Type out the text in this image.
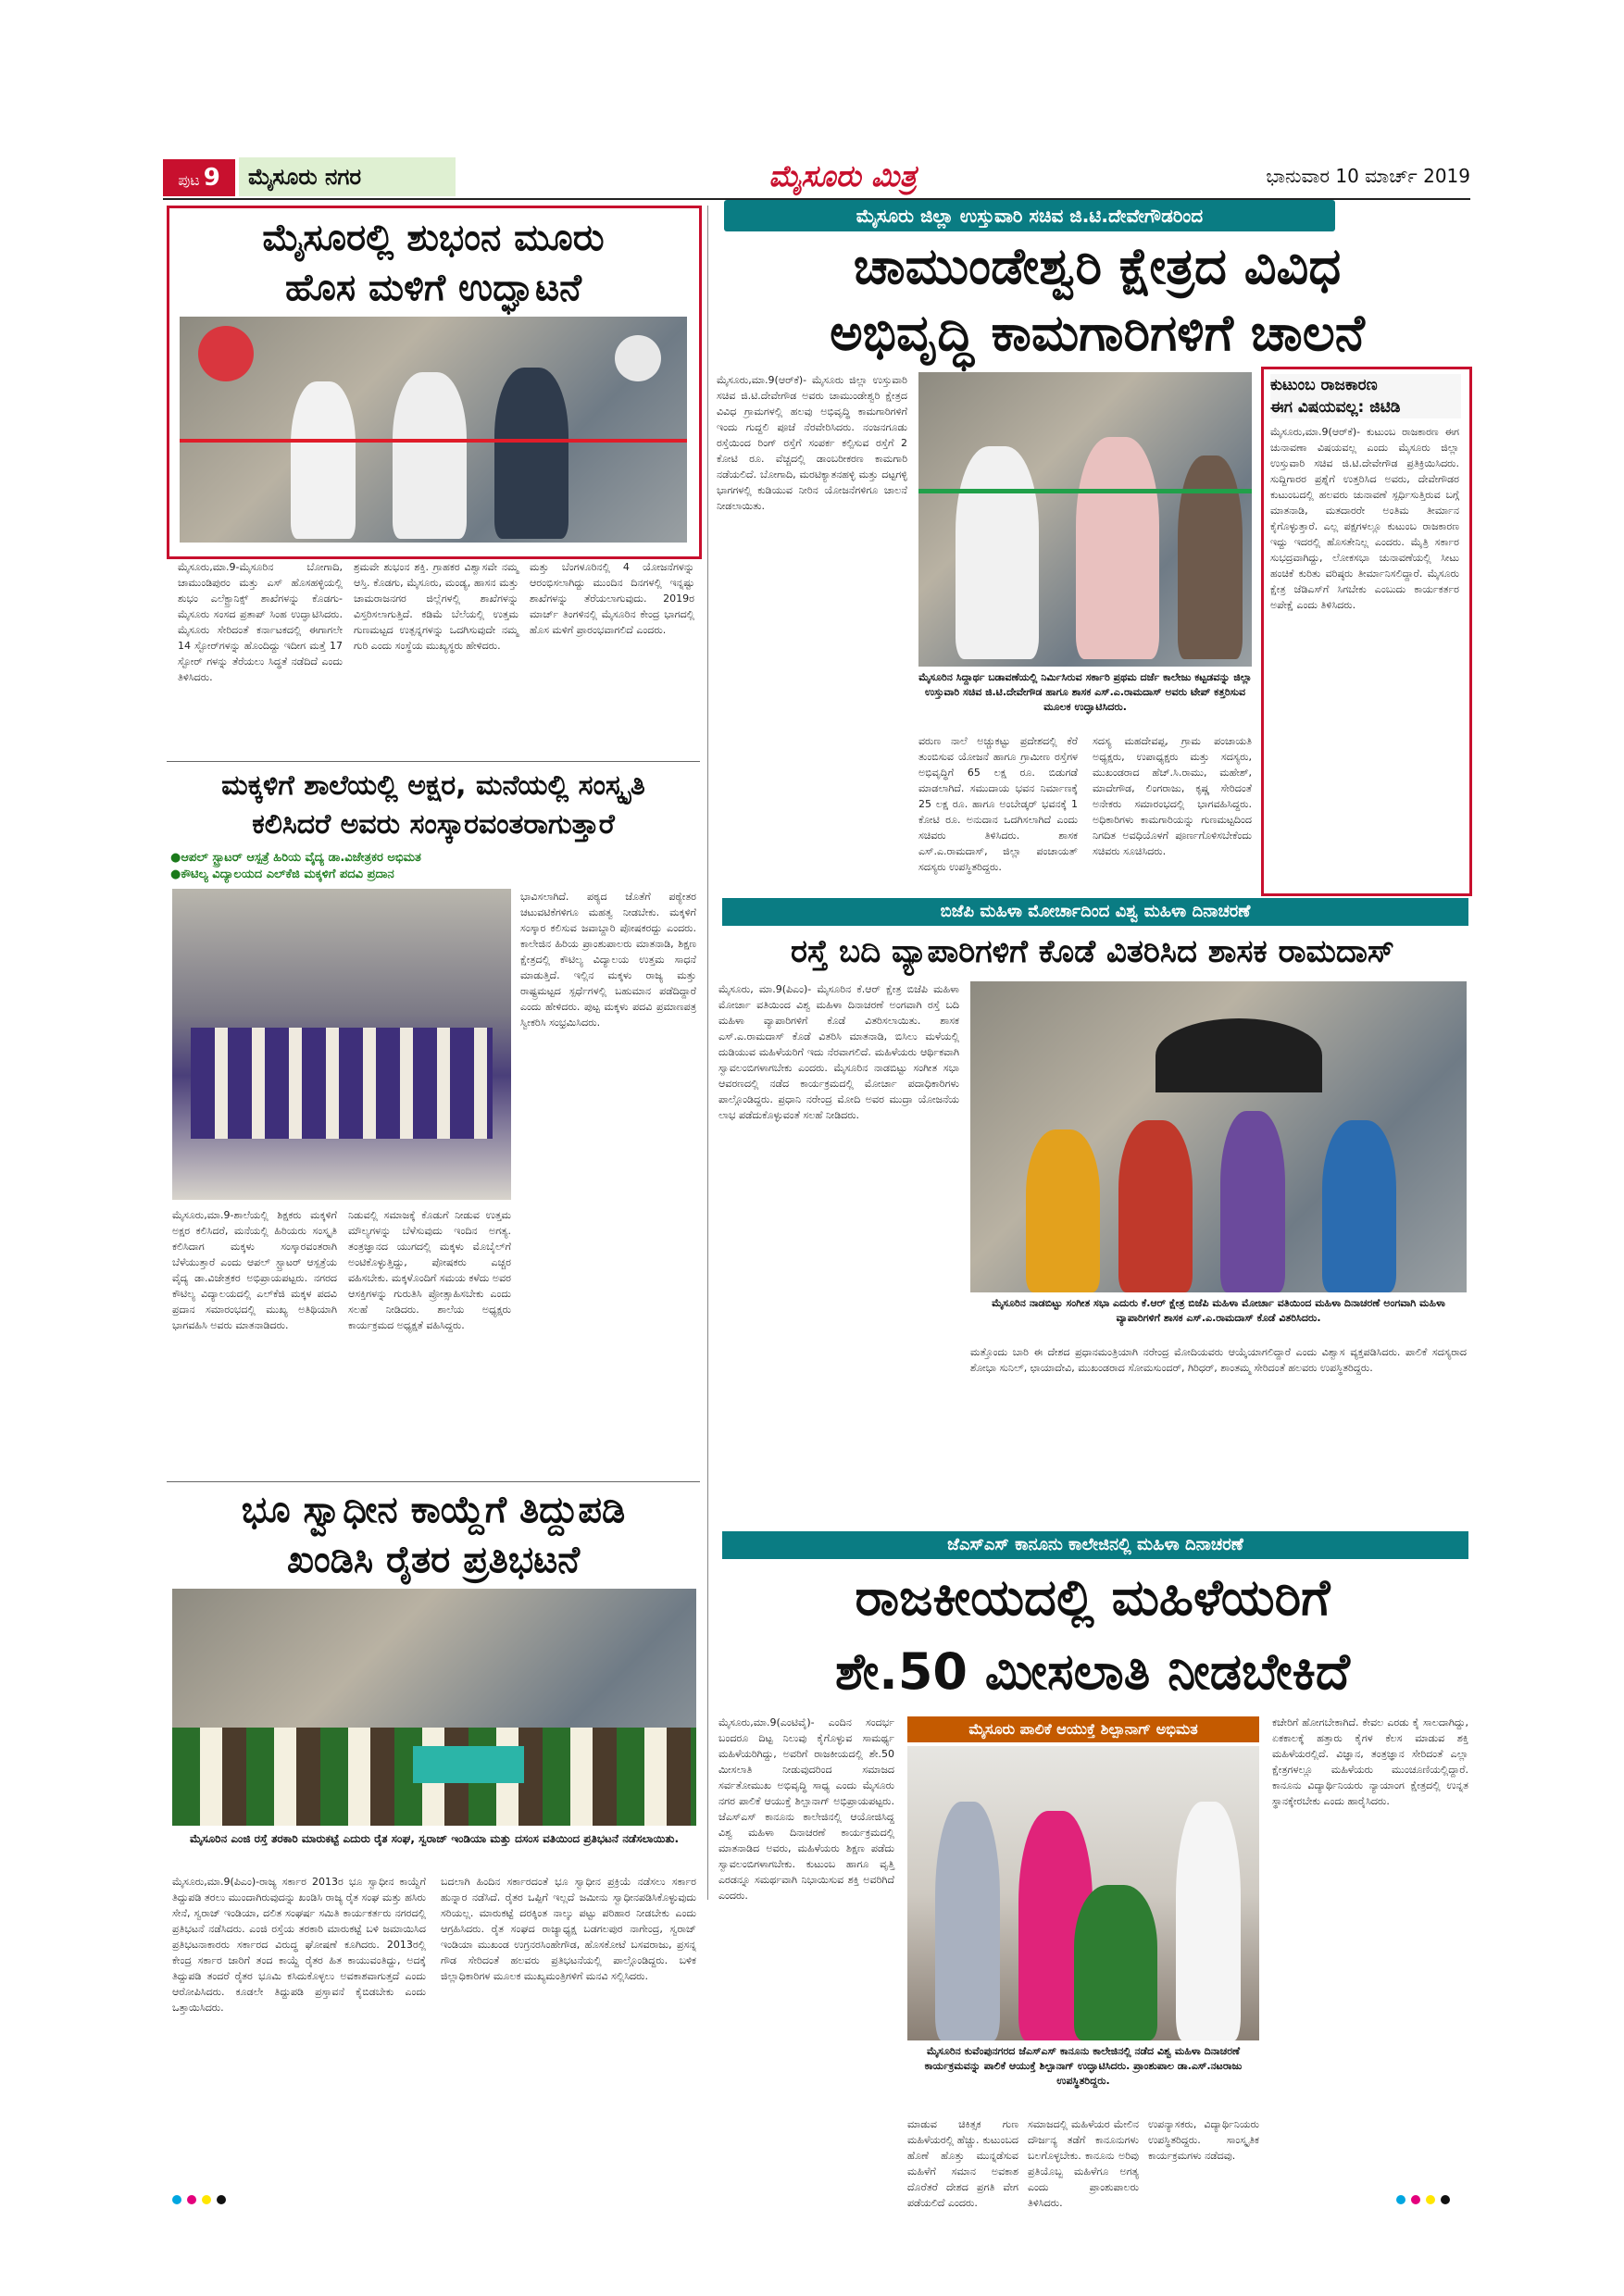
ಪುಟ 9	ಮೈಸೂರು ನಗರ	ಮೈಸೂರು ಮಿತ್ರ	ಭಾನುವಾರ 10 ಮಾರ್ಚ್ 2019
ಮೈಸೂರಲ್ಲಿ ಶುಭಂನ ಮೂರು
ಹೊಸ ಮಳಿಗೆ ಉದ್ಘಾಟನೆ
ಮೈಸೂರು,ಮಾ.9-ಮೈಸೂರಿನ ಬೋಗಾದಿ, ಚಾಮುಂಡಿಪುರಂ ಮತ್ತು ಎಸ್ ಹೊಸಹಳ್ಳಿಯಲ್ಲಿ ಶುಭಂ ಎಲೆಕ್ಟ್ರಾನಿಕ್ಸ್ ಶಾಖೆಗಳನ್ನು ಕೊಡಗು-ಮೈಸೂರು ಸಂಸದ ಪ್ರತಾಪ್ ಸಿಂಹ ಉದ್ಘಾಟಿಸಿದರು. ಮೈಸೂರು ಸೇರಿದಂತೆ ಕರ್ನಾಟಕದಲ್ಲಿ ಈಗಾಗಲೇ 14 ಸ್ಟೋರ್‌ಗಳನ್ನು ಹೊಂದಿದ್ದು ಇದೀಗ ಮತ್ತೆ 17 ಸ್ಟೋರ್ ಗಳನ್ನು ತೆರೆಯಲು ಸಿದ್ಧತೆ ನಡೆದಿದೆ ಎಂದು ತಿಳಿಸಿದರು.
ಶ್ರಮವೇ ಶುಭಂನ ಶಕ್ತಿ. ಗ್ರಾಹಕರ ವಿಶ್ವಾಸವೇ ನಮ್ಮ ಆಸ್ತಿ. ಕೊಡಗು, ಮೈಸೂರು, ಮಂಡ್ಯ, ಹಾಸನ ಮತ್ತು ಚಾಮರಾಜನಗರ ಜಿಲ್ಲೆಗಳಲ್ಲಿ ಶಾಖೆಗಳನ್ನು ವಿಸ್ತರಿಸಲಾಗುತ್ತಿದೆ. ಕಡಿಮೆ ಬೆಲೆಯಲ್ಲಿ ಉತ್ತಮ ಗುಣಮಟ್ಟದ ಉತ್ಪನ್ನಗಳನ್ನು ಒದಗಿಸುವುದೇ ನಮ್ಮ ಗುರಿ ಎಂದು ಸಂಸ್ಥೆಯ ಮುಖ್ಯಸ್ಥರು ಹೇಳಿದರು.
ಮತ್ತು ಬೆಂಗಳೂರಿನಲ್ಲಿ 4 ಯೋಜನೆಗಳನ್ನು ಆರಂಭಿಸಲಾಗಿದ್ದು ಮುಂದಿನ ದಿನಗಳಲ್ಲಿ ಇನ್ನಷ್ಟು ಶಾಖೆಗಳನ್ನು ತೆರೆಯಲಾಗುವುದು. 2019ರ ಮಾರ್ಚ್ ತಿಂಗಳಿನಲ್ಲಿ ಮೈಸೂರಿನ ಕೇಂದ್ರ ಭಾಗದಲ್ಲಿ ಹೊಸ ಮಳಿಗೆ ಪ್ರಾರಂಭವಾಗಲಿದೆ ಎಂದರು.
ಮೈಸೂರು ಜಿಲ್ಲಾ ಉಸ್ತುವಾರಿ ಸಚಿವ ಜಿ.ಟಿ.ದೇವೇಗೌಡರಿಂದ
ಚಾಮುಂಡೇಶ್ವರಿ ಕ್ಷೇತ್ರದ ವಿವಿಧ
ಅಭಿವೃದ್ಧಿ ಕಾಮಗಾರಿಗಳಿಗೆ ಚಾಲನೆ
ಮೈಸೂರು,ಮಾ.9(ಆರ್‌ಕೆ)- ಮೈಸೂರು ಜಿಲ್ಲಾ ಉಸ್ತುವಾರಿ ಸಚಿವ ಜಿ.ಟಿ.ದೇವೇಗೌಡ ಅವರು ಚಾಮುಂಡೇಶ್ವರಿ ಕ್ಷೇತ್ರದ ವಿವಿಧ ಗ್ರಾಮಗಳಲ್ಲಿ ಹಲವು ಅಭಿವೃದ್ಧಿ ಕಾಮಗಾರಿಗಳಿಗೆ ಇಂದು ಗುದ್ದಲಿ ಪೂಜೆ ನೆರವೇರಿಸಿದರು. ನಂಜನಗೂಡು ರಸ್ತೆಯಿಂದ ರಿಂಗ್ ರಸ್ತೆಗೆ ಸಂಪರ್ಕ ಕಲ್ಪಿಸುವ ರಸ್ತೆಗೆ 2 ಕೋಟಿ ರೂ. ವೆಚ್ಚದಲ್ಲಿ ಡಾಂಬರೀಕರಣ ಕಾಮಗಾರಿ ನಡೆಯಲಿದೆ. ಬೋಗಾದಿ, ಮರಟಿಕ್ಯಾತನಹಳ್ಳಿ ಮತ್ತು ದಟ್ಟಗಳ್ಳಿ ಭಾಗಗಳಲ್ಲಿ ಕುಡಿಯುವ ನೀರಿನ ಯೋಜನೆಗಳಿಗೂ ಚಾಲನೆ ನೀಡಲಾಯಿತು.
ಮೈಸೂರಿನ ಸಿದ್ದಾರ್ಥ ಬಡಾವಣೆಯಲ್ಲಿ ನಿರ್ಮಿಸಿರುವ ಸರ್ಕಾರಿ ಪ್ರಥಮ ದರ್ಜೆ ಕಾಲೇಜು ಕಟ್ಟಡವನ್ನು ಜಿಲ್ಲಾ ಉಸ್ತುವಾರಿ ಸಚಿವ ಜಿ.ಟಿ.ದೇವೇಗೌಡ ಹಾಗೂ ಶಾಸಕ ಎಸ್.ಎ.ರಾಮದಾಸ್ ಅವರು ಟೇಪ್ ಕತ್ತರಿಸುವ ಮೂಲಕ ಉದ್ಘಾಟಿಸಿದರು.
ವರುಣ ನಾಲೆ ಅಚ್ಚುಕಟ್ಟು ಪ್ರದೇಶದಲ್ಲಿ ಕೆರೆ ತುಂಬಿಸುವ ಯೋಜನೆ ಹಾಗೂ ಗ್ರಾಮೀಣ ರಸ್ತೆಗಳ ಅಭಿವೃದ್ಧಿಗೆ 65 ಲಕ್ಷ ರೂ. ಬಿಡುಗಡೆ ಮಾಡಲಾಗಿದೆ. ಸಮುದಾಯ ಭವನ ನಿರ್ಮಾಣಕ್ಕೆ 25 ಲಕ್ಷ ರೂ. ಹಾಗೂ ಅಂಬೇಡ್ಕರ್ ಭವನಕ್ಕೆ 1 ಕೋಟಿ ರೂ. ಅನುದಾನ ಒದಗಿಸಲಾಗಿದೆ ಎಂದು ಸಚಿವರು ತಿಳಿಸಿದರು. ಶಾಸಕ ಎಸ್.ಎ.ರಾಮದಾಸ್, ಜಿಲ್ಲಾ ಪಂಚಾಯತ್ ಸದಸ್ಯರು ಉಪಸ್ಥಿತರಿದ್ದರು.
ಸದಸ್ಯ ಮಹದೇವಪ್ಪ, ಗ್ರಾಮ ಪಂಚಾಯತಿ ಅಧ್ಯಕ್ಷರು, ಉಪಾಧ್ಯಕ್ಷರು ಮತ್ತು ಸದಸ್ಯರು, ಮುಖಂಡರಾದ ಹೆಚ್.ಸಿ.ರಾಮು, ಮಹೇಶ್, ಮಾದೇಗೌಡ, ಲಿಂಗರಾಜು, ಕೃಷ್ಣ ಸೇರಿದಂತೆ ಅನೇಕರು ಸಮಾರಂಭದಲ್ಲಿ ಭಾಗವಹಿಸಿದ್ದರು. ಅಧಿಕಾರಿಗಳು ಕಾಮಗಾರಿಯನ್ನು ಗುಣಮಟ್ಟದಿಂದ ನಿಗದಿತ ಅವಧಿಯೊಳಗೆ ಪೂರ್ಣಗೊಳಿಸಬೇಕೆಂದು ಸಚಿವರು ಸೂಚಿಸಿದರು.
ಕುಟುಂಬ ರಾಜಕಾರಣ
ಈಗ ವಿಷಯವಲ್ಲ: ಜಿಟಿಡಿ
ಮೈಸೂರು,ಮಾ.9(ಆರ್‌ಕೆ)- ಕುಟುಂಬ ರಾಜಕಾರಣ ಈಗ ಚುನಾವಣಾ ವಿಷಯವಲ್ಲ ಎಂದು ಮೈಸೂರು ಜಿಲ್ಲಾ ಉಸ್ತುವಾರಿ ಸಚಿವ ಜಿ.ಟಿ.ದೇವೇಗೌಡ ಪ್ರತಿಕ್ರಿಯಿಸಿದರು. ಸುದ್ದಿಗಾರರ ಪ್ರಶ್ನೆಗೆ ಉತ್ತರಿಸಿದ ಅವರು, ದೇವೇಗೌಡರ ಕುಟುಂಬದಲ್ಲಿ ಹಲವರು ಚುನಾವಣೆ ಸ್ಪರ್ಧಿಸುತ್ತಿರುವ ಬಗ್ಗೆ ಮಾತನಾಡಿ, ಮತದಾರರೇ ಅಂತಿಮ ತೀರ್ಮಾನ ಕೈಗೊಳ್ಳುತ್ತಾರೆ. ಎಲ್ಲ ಪಕ್ಷಗಳಲ್ಲೂ ಕುಟುಂಬ ರಾಜಕಾರಣ ಇದ್ದು ಇದರಲ್ಲಿ ಹೊಸತೇನಿಲ್ಲ ಎಂದರು. ಮೈತ್ರಿ ಸರ್ಕಾರ ಸುಭದ್ರವಾಗಿದ್ದು, ಲೋಕಸಭಾ ಚುನಾವಣೆಯಲ್ಲಿ ಸೀಟು ಹಂಚಿಕೆ ಕುರಿತು ವರಿಷ್ಠರು ತೀರ್ಮಾನಿಸಲಿದ್ದಾರೆ. ಮೈಸೂರು ಕ್ಷೇತ್ರ ಜೆಡಿಎಸ್‌ಗೆ ಸಿಗಬೇಕು ಎಂಬುದು ಕಾರ್ಯಕರ್ತರ ಅಪೇಕ್ಷೆ ಎಂದು ತಿಳಿಸಿದರು.
ಮಕ್ಕಳಿಗೆ ಶಾಲೆಯಲ್ಲಿ ಅಕ್ಷರ, ಮನೆಯಲ್ಲಿ ಸಂಸ್ಕೃತಿ
ಕಲಿಸಿದರೆ ಅವರು ಸಂಸ್ಕಾರವಂತರಾಗುತ್ತಾರೆ
●ಆಪಲ್ ಸ್ಟ್ರಾಟರ್ ಆಸ್ಪತ್ರೆ ಹಿರಿಯ ವೈದ್ಯ ಡಾ.ವಿಜೇತ್ರಕರ ಅಭಿಮತ
●ಕೌಟಿಲ್ಯ ವಿದ್ಯಾಲಯದ ಎಲ್‌ಕೆಜಿ ಮಕ್ಕಳಿಗೆ ಪದವಿ ಪ್ರದಾನ
ಭಾವಿಸಲಾಗಿದೆ. ಪಠ್ಯದ ಜೊತೆಗೆ ಪಠ್ಯೇತರ ಚಟುವಟಿಕೆಗಳಿಗೂ ಮಹತ್ವ ನೀಡಬೇಕು. ಮಕ್ಕಳಿಗೆ ಸಂಸ್ಕಾರ ಕಲಿಸುವ ಜವಾಬ್ದಾರಿ ಪೋಷಕರದ್ದು ಎಂದರು. ಕಾಲೇಜಿನ ಹಿರಿಯ ಪ್ರಾಂಶುಪಾಲರು ಮಾತನಾಡಿ, ಶಿಕ್ಷಣ ಕ್ಷೇತ್ರದಲ್ಲಿ ಕೌಟಿಲ್ಯ ವಿದ್ಯಾಲಯ ಉತ್ತಮ ಸಾಧನೆ ಮಾಡುತ್ತಿದೆ. ಇಲ್ಲಿನ ಮಕ್ಕಳು ರಾಜ್ಯ ಮತ್ತು ರಾಷ್ಟ್ರಮಟ್ಟದ ಸ್ಪರ್ಧೆಗಳಲ್ಲಿ ಬಹುಮಾನ ಪಡೆದಿದ್ದಾರೆ ಎಂದು ಹೇಳಿದರು. ಪುಟ್ಟ ಮಕ್ಕಳು ಪದವಿ ಪ್ರಮಾಣಪತ್ರ ಸ್ವೀಕರಿಸಿ ಸಂಭ್ರಮಿಸಿದರು.
ಮೈಸೂರು,ಮಾ.9-ಶಾಲೆಯಲ್ಲಿ ಶಿಕ್ಷಕರು ಮಕ್ಕಳಿಗೆ ಅಕ್ಷರ ಕಲಿಸಿದರೆ, ಮನೆಯಲ್ಲಿ ಹಿರಿಯರು ಸಂಸ್ಕೃತಿ ಕಲಿಸಿದಾಗ ಮಕ್ಕಳು ಸಂಸ್ಕಾರವಂತರಾಗಿ ಬೆಳೆಯುತ್ತಾರೆ ಎಂದು ಆಪಲ್ ಸ್ಟ್ರಾಟರ್ ಆಸ್ಪತ್ರೆಯ ವೈದ್ಯ ಡಾ.ವಿಜೇತ್ರಕರ ಅಭಿಪ್ರಾಯಪಟ್ಟರು. ನಗರದ ಕೌಟಿಲ್ಯ ವಿದ್ಯಾಲಯದಲ್ಲಿ ಎಲ್‌ಕೆಜಿ ಮಕ್ಕಳ ಪದವಿ ಪ್ರದಾನ ಸಮಾರಂಭದಲ್ಲಿ ಮುಖ್ಯ ಅತಿಥಿಯಾಗಿ ಭಾಗವಹಿಸಿ ಅವರು ಮಾತನಾಡಿದರು.
ನಿಡುವಲ್ಲಿ ಸಮಾಜಕ್ಕೆ ಕೊಡುಗೆ ನೀಡುವ ಉತ್ತಮ ಮೌಲ್ಯಗಳನ್ನು ಬೆಳೆಸುವುದು ಇಂದಿನ ಅಗತ್ಯ. ತಂತ್ರಜ್ಞಾನದ ಯುಗದಲ್ಲಿ ಮಕ್ಕಳು ಮೊಬೈಲ್‌ಗೆ ಅಂಟಿಕೊಳ್ಳುತ್ತಿದ್ದು, ಪೋಷಕರು ಎಚ್ಚರ ವಹಿಸಬೇಕು. ಮಕ್ಕಳೊಂದಿಗೆ ಸಮಯ ಕಳೆದು ಅವರ ಆಸಕ್ತಿಗಳನ್ನು ಗುರುತಿಸಿ ಪ್ರೋತ್ಸಾಹಿಸಬೇಕು ಎಂದು ಸಲಹೆ ನೀಡಿದರು. ಶಾಲೆಯ ಅಧ್ಯಕ್ಷರು ಕಾರ್ಯಕ್ರಮದ ಅಧ್ಯಕ್ಷತೆ ವಹಿಸಿದ್ದರು.
ಬಿಜೆಪಿ ಮಹಿಳಾ ಮೋರ್ಚಾದಿಂದ ವಿಶ್ವ ಮಹಿಳಾ ದಿನಾಚರಣೆ
ರಸ್ತೆ ಬದಿ ವ್ಯಾಪಾರಿಗಳಿಗೆ ಕೊಡೆ ವಿತರಿಸಿದ ಶಾಸಕ ರಾಮದಾಸ್
ಮೈಸೂರು, ಮಾ.9(ಪಿಎಂ)- ಮೈಸೂರಿನ ಕೆ.ಆರ್ ಕ್ಷೇತ್ರ ಬಿಜೆಪಿ ಮಹಿಳಾ ಮೋರ್ಚಾ ವತಿಯಿಂದ ವಿಶ್ವ ಮಹಿಳಾ ದಿನಾಚರಣೆ ಅಂಗವಾಗಿ ರಸ್ತೆ ಬದಿ ಮಹಿಳಾ ವ್ಯಾಪಾರಿಗಳಿಗೆ ಕೊಡೆ ವಿತರಿಸಲಾಯಿತು. ಶಾಸಕ ಎಸ್.ಎ.ರಾಮದಾಸ್ ಕೊಡೆ ವಿತರಿಸಿ ಮಾತನಾಡಿ, ಬಿಸಿಲು ಮಳೆಯಲ್ಲಿ ದುಡಿಯುವ ಮಹಿಳೆಯರಿಗೆ ಇದು ನೆರವಾಗಲಿದೆ. ಮಹಿಳೆಯರು ಆರ್ಥಿಕವಾಗಿ ಸ್ವಾವಲಂಬಿಗಳಾಗಬೇಕು ಎಂದರು. ಮೈಸೂರಿನ ನಾಡಬಿಟ್ಟು ಸಂಗೀತ ಸಭಾ ಆವರಣದಲ್ಲಿ ನಡೆದ ಕಾರ್ಯಕ್ರಮದಲ್ಲಿ ಮೋರ್ಚಾ ಪದಾಧಿಕಾರಿಗಳು ಪಾಲ್ಗೊಂಡಿದ್ದರು. ಪ್ರಧಾನಿ ನರೇಂದ್ರ ಮೋದಿ ಅವರ ಮುದ್ರಾ ಯೋಜನೆಯ ಲಾಭ ಪಡೆದುಕೊಳ್ಳುವಂತೆ ಸಲಹೆ ನೀಡಿದರು.
ಮೈಸೂರಿನ ನಾಡಬಿಟ್ಟು ಸಂಗೀತ ಸಭಾ ಎದುರು ಕೆ.ಆರ್ ಕ್ಷೇತ್ರ ಬಿಜೆಪಿ ಮಹಿಳಾ ಮೋರ್ಚಾ ವತಿಯಿಂದ ಮಹಿಳಾ ದಿನಾಚರಣೆ ಅಂಗವಾಗಿ ಮಹಿಳಾ ವ್ಯಾಪಾರಿಗಳಿಗೆ ಶಾಸಕ ಎಸ್.ಎ.ರಾಮದಾಸ್ ಕೊಡೆ ವಿತರಿಸಿದರು.
ಮತ್ತೊಂದು ಬಾರಿ ಈ ದೇಶದ ಪ್ರಧಾನಮಂತ್ರಿಯಾಗಿ ನರೇಂದ್ರ ಮೋದಿಯವರು ಆಯ್ಕೆಯಾಗಲಿದ್ದಾರೆ ಎಂದು ವಿಶ್ವಾಸ ವ್ಯಕ್ತಪಡಿಸಿದರು. ಪಾಲಿಕೆ ಸದಸ್ಯರಾದ ಶೋಭಾ ಸುನಿಲ್, ಛಾಯಾದೇವಿ, ಮುಖಂಡರಾದ ಸೋಮಸುಂದರ್, ಗಿರಿಧರ್, ಶಾಂತಮ್ಮ ಸೇರಿದಂತೆ ಹಲವರು ಉಪಸ್ಥಿತರಿದ್ದರು.
ಭೂ ಸ್ವಾಧೀನ ಕಾಯ್ದೆಗೆ ತಿದ್ದುಪಡಿ
ಖಂಡಿಸಿ ರೈತರ ಪ್ರತಿಭಟನೆ
ಮೈಸೂರಿನ ಎಂಜಿ ರಸ್ತೆ ತರಕಾರಿ ಮಾರುಕಟ್ಟೆ ಎದುರು ರೈತ ಸಂಘ, ಸ್ವರಾಜ್ ಇಂಡಿಯಾ ಮತ್ತು ದಸಂಸ ವತಿಯಿಂದ ಪ್ರತಿಭಟನೆ ನಡೆಸಲಾಯಿತು.
ಮೈಸೂರು,ಮಾ.9(ಪಿಎಂ)-ರಾಜ್ಯ ಸರ್ಕಾರ 2013ರ ಭೂ ಸ್ವಾಧೀನ ಕಾಯ್ದೆಗೆ ತಿದ್ದುಪಡಿ ತರಲು ಮುಂದಾಗಿರುವುದನ್ನು ಖಂಡಿಸಿ ರಾಜ್ಯ ರೈತ ಸಂಘ ಮತ್ತು ಹಸಿರು ಸೇನೆ, ಸ್ವರಾಜ್ ಇಂಡಿಯಾ, ದಲಿತ ಸಂಘರ್ಷ ಸಮಿತಿ ಕಾರ್ಯಕರ್ತರು ನಗರದಲ್ಲಿ ಪ್ರತಿಭಟನೆ ನಡೆಸಿದರು. ಎಂಜಿ ರಸ್ತೆಯ ತರಕಾರಿ ಮಾರುಕಟ್ಟೆ ಬಳಿ ಜಮಾಯಿಸಿದ ಪ್ರತಿಭಟನಾಕಾರರು ಸರ್ಕಾರದ ವಿರುದ್ಧ ಘೋಷಣೆ ಕೂಗಿದರು. 2013ರಲ್ಲಿ ಕೇಂದ್ರ ಸರ್ಕಾರ ಜಾರಿಗೆ ತಂದ ಕಾಯ್ದೆ ರೈತರ ಹಿತ ಕಾಯುವಂತಿದ್ದು, ಅದಕ್ಕೆ ತಿದ್ದುಪಡಿ ತಂದರೆ ರೈತರ ಭೂಮಿ ಕಸಿದುಕೊಳ್ಳಲು ಅವಕಾಶವಾಗುತ್ತದೆ ಎಂದು ಆರೋಪಿಸಿದರು. ಕೂಡಲೇ ತಿದ್ದುಪಡಿ ಪ್ರಸ್ತಾವನೆ ಕೈಬಿಡಬೇಕು ಎಂದು ಒತ್ತಾಯಿಸಿದರು.
ಬದಲಾಗಿ ಹಿಂದಿನ ಸರ್ಕಾರದಂತೆ ಭೂ ಸ್ವಾಧೀನ ಪ್ರಕ್ರಿಯೆ ನಡೆಸಲು ಸರ್ಕಾರ ಹುನ್ನಾರ ನಡೆಸಿದೆ. ರೈತರ ಒಪ್ಪಿಗೆ ಇಲ್ಲದೆ ಜಮೀನು ಸ್ವಾಧೀನಪಡಿಸಿಕೊಳ್ಳುವುದು ಸರಿಯಲ್ಲ. ಮಾರುಕಟ್ಟೆ ದರಕ್ಕಿಂತ ನಾಲ್ಕು ಪಟ್ಟು ಪರಿಹಾರ ನೀಡಬೇಕು ಎಂದು ಆಗ್ರಹಿಸಿದರು. ರೈತ ಸಂಘದ ರಾಜ್ಯಾಧ್ಯಕ್ಷ ಬಡಗಲಪುರ ನಾಗೇಂದ್ರ, ಸ್ವರಾಜ್ ಇಂಡಿಯಾ ಮುಖಂಡ ಉಗ್ರನರಸಿಂಹೇಗೌಡ, ಹೊಸಕೋಟೆ ಬಸವರಾಜು, ಪ್ರಸನ್ನ ಗೌಡ ಸೇರಿದಂತೆ ಹಲವರು ಪ್ರತಿಭಟನೆಯಲ್ಲಿ ಪಾಲ್ಗೊಂಡಿದ್ದರು. ಬಳಿಕ ಜಿಲ್ಲಾಧಿಕಾರಿಗಳ ಮೂಲಕ ಮುಖ್ಯಮಂತ್ರಿಗಳಿಗೆ ಮನವಿ ಸಲ್ಲಿಸಿದರು.
ಜೆಎಸ್‌ಎಸ್ ಕಾನೂನು ಕಾಲೇಜಿನಲ್ಲಿ ಮಹಿಳಾ ದಿನಾಚರಣೆ
ರಾಜಕೀಯದಲ್ಲಿ ಮಹಿಳೆಯರಿಗೆ
ಶೇ.50 ಮೀಸಲಾತಿ ನೀಡಬೇಕಿದೆ
ಮೈಸೂರು,ಮಾ.9(ಎಂಟಿವೈ)- ಎಂದಿನ ಸಂದರ್ಭ ಬಂದರೂ ದಿಟ್ಟ ನಿಲುವು ಕೈಗೊಳ್ಳುವ ಸಾಮರ್ಥ್ಯ ಮಹಿಳೆಯರಿಗಿದ್ದು, ಅವರಿಗೆ ರಾಜಕೀಯದಲ್ಲಿ ಶೇ.50 ಮೀಸಲಾತಿ ನೀಡುವುದರಿಂದ ಸಮಾಜದ ಸರ್ವತೋಮುಖ ಅಭಿವೃದ್ಧಿ ಸಾಧ್ಯ ಎಂದು ಮೈಸೂರು ನಗರ ಪಾಲಿಕೆ ಆಯುಕ್ತೆ ಶಿಲ್ಪಾನಾಗ್ ಅಭಿಪ್ರಾಯಪಟ್ಟರು. ಜೆಎಸ್‌ಎಸ್ ಕಾನೂನು ಕಾಲೇಜಿನಲ್ಲಿ ಆಯೋಜಿಸಿದ್ದ ವಿಶ್ವ ಮಹಿಳಾ ದಿನಾಚರಣೆ ಕಾರ್ಯಕ್ರಮದಲ್ಲಿ ಮಾತನಾಡಿದ ಅವರು, ಮಹಿಳೆಯರು ಶಿಕ್ಷಣ ಪಡೆದು ಸ್ವಾವಲಂಬಿಗಳಾಗಬೇಕು. ಕುಟುಂಬ ಹಾಗೂ ವೃತ್ತಿ ಎರಡನ್ನೂ ಸಮರ್ಥವಾಗಿ ನಿಭಾಯಿಸುವ ಶಕ್ತಿ ಅವರಿಗಿದೆ ಎಂದರು.
ಮೈಸೂರು ಪಾಲಿಕೆ ಆಯುಕ್ತೆ ಶಿಲ್ಪಾನಾಗ್ ಅಭಿಮತ
ಮೈಸೂರಿನ ಕುವೆಂಪುನಗರದ ಜೆಎಸ್‌ಎಸ್ ಕಾನೂನು ಕಾಲೇಜಿನಲ್ಲಿ ನಡೆದ ವಿಶ್ವ ಮಹಿಳಾ ದಿನಾಚರಣೆ ಕಾರ್ಯಕ್ರಮವನ್ನು ಪಾಲಿಕೆ ಆಯುಕ್ತೆ ಶಿಲ್ಪಾನಾಗ್ ಉದ್ಘಾಟಿಸಿದರು. ಪ್ರಾಂಶುಪಾಲ ಡಾ.ಎಸ್.ನಟರಾಜು ಉಪಸ್ಥಿತರಿದ್ದರು.
ಕಚೇರಿಗೆ ಹೋಗಬೇಕಾಗಿದೆ. ಕೇವಲ ಎರಡು ಕೈ ಸಾಲದಾಗಿದ್ದು, ಏಕಕಾಲಕ್ಕೆ ಹತ್ತಾರು ಕೈಗಳ ಕೆಲಸ ಮಾಡುವ ಶಕ್ತಿ ಮಹಿಳೆಯರಲ್ಲಿದೆ. ವಿಜ್ಞಾನ, ತಂತ್ರಜ್ಞಾನ ಸೇರಿದಂತೆ ಎಲ್ಲಾ ಕ್ಷೇತ್ರಗಳಲ್ಲೂ ಮಹಿಳೆಯರು ಮುಂಚೂಣಿಯಲ್ಲಿದ್ದಾರೆ. ಕಾನೂನು ವಿದ್ಯಾರ್ಥಿನಿಯರು ನ್ಯಾಯಾಂಗ ಕ್ಷೇತ್ರದಲ್ಲಿ ಉನ್ನತ ಸ್ಥಾನಕ್ಕೇರಬೇಕು ಎಂದು ಹಾರೈಸಿದರು.
ಮಾಡುವ ಚಿಕಿತ್ಸಕ ಗುಣ ಮಹಿಳೆಯರಲ್ಲಿ ಹೆಚ್ಚು. ಕುಟುಂಬದ ಹೊಣೆ ಹೊತ್ತು ಮುನ್ನಡೆಸುವ ಮಹಿಳೆಗೆ ಸಮಾನ ಅವಕಾಶ ದೊರೆತರೆ ದೇಶದ ಪ್ರಗತಿ ವೇಗ ಪಡೆಯಲಿದೆ ಎಂದರು.
ಸಮಾಜದಲ್ಲಿ ಮಹಿಳೆಯರ ಮೇಲಿನ ದೌರ್ಜನ್ಯ ತಡೆಗೆ ಕಾನೂನುಗಳು ಬಲಗೊಳ್ಳಬೇಕು. ಕಾನೂನು ಅರಿವು ಪ್ರತಿಯೊಬ್ಬ ಮಹಿಳೆಗೂ ಅಗತ್ಯ ಎಂದು ಪ್ರಾಂಶುಪಾಲರು ತಿಳಿಸಿದರು.
ಉಪನ್ಯಾಸಕರು, ವಿದ್ಯಾರ್ಥಿನಿಯರು ಉಪಸ್ಥಿತರಿದ್ದರು. ಸಾಂಸ್ಕೃತಿಕ ಕಾರ್ಯಕ್ರಮಗಳು ನಡೆದವು.
